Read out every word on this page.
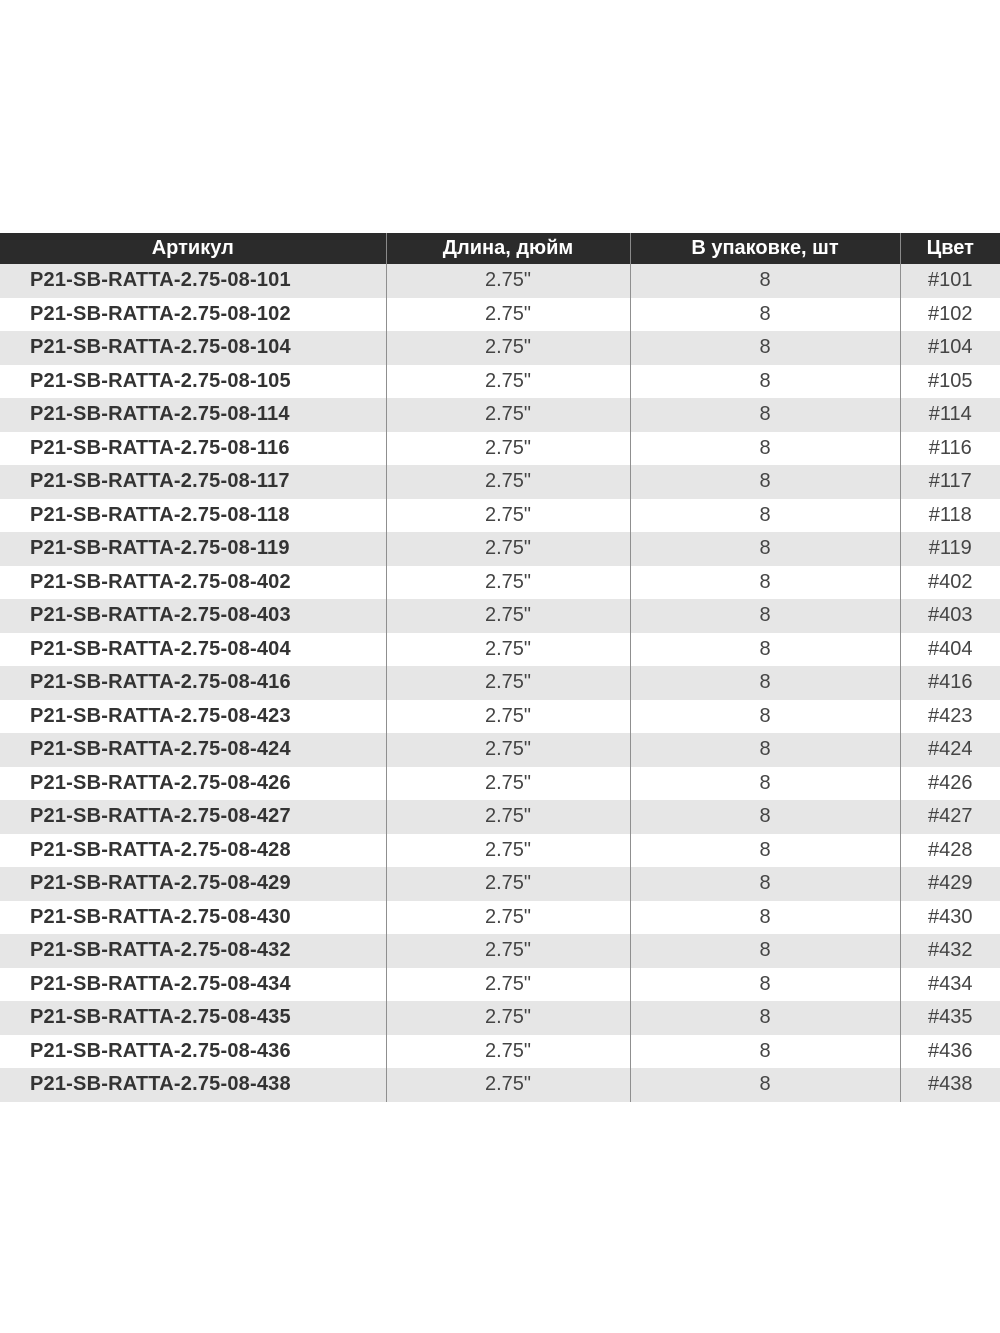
Артикул	Длина, дюйм	В упаковке, шт	Цвет
P21-SB-RATTA-2.75-08-101	2.75"	8	#101
P21-SB-RATTA-2.75-08-102	2.75"	8	#102
P21-SB-RATTA-2.75-08-104	2.75"	8	#104
P21-SB-RATTA-2.75-08-105	2.75"	8	#105
P21-SB-RATTA-2.75-08-114	2.75"	8	#114
P21-SB-RATTA-2.75-08-116	2.75"	8	#116
P21-SB-RATTA-2.75-08-117	2.75"	8	#117
P21-SB-RATTA-2.75-08-118	2.75"	8	#118
P21-SB-RATTA-2.75-08-119	2.75"	8	#119
P21-SB-RATTA-2.75-08-402	2.75"	8	#402
P21-SB-RATTA-2.75-08-403	2.75"	8	#403
P21-SB-RATTA-2.75-08-404	2.75"	8	#404
P21-SB-RATTA-2.75-08-416	2.75"	8	#416
P21-SB-RATTA-2.75-08-423	2.75"	8	#423
P21-SB-RATTA-2.75-08-424	2.75"	8	#424
P21-SB-RATTA-2.75-08-426	2.75"	8	#426
P21-SB-RATTA-2.75-08-427	2.75"	8	#427
P21-SB-RATTA-2.75-08-428	2.75"	8	#428
P21-SB-RATTA-2.75-08-429	2.75"	8	#429
P21-SB-RATTA-2.75-08-430	2.75"	8	#430
P21-SB-RATTA-2.75-08-432	2.75"	8	#432
P21-SB-RATTA-2.75-08-434	2.75"	8	#434
P21-SB-RATTA-2.75-08-435	2.75"	8	#435
P21-SB-RATTA-2.75-08-436	2.75"	8	#436
P21-SB-RATTA-2.75-08-438	2.75"	8	#438
